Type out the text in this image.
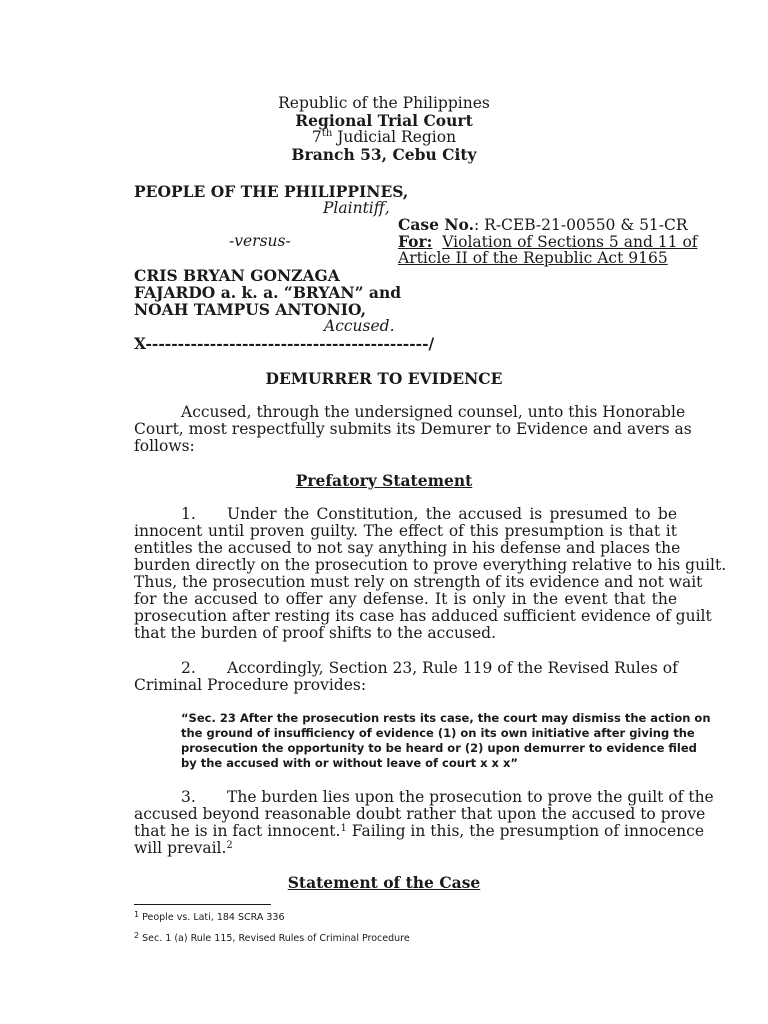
Republic of the Philippines
Regional Trial Court
7th Judicial Region
Branch 53, Cebu City
PEOPLE OF THE PHILIPPINES,
Plaintiff,
-versus-
Case No.: R-CEB-21-00550 & 51-CR
For: Violation of Sections 5 and 11 of
Article II of the Republic Act 9165
CRIS BRYAN GONZAGA
FAJARDO a. k. a. “BRYAN” and
NOAH TAMPUS ANTONIO,
Accused.
X--------------------------------------------/
DEMURRER TO EVIDENCE
Accused, through the undersigned counsel, unto this Honorable
Court, most respectfully submits its Demurer to Evidence and avers as
follows:
Prefatory Statement
1. Under the Constitution, the accused is presumed to be
innocent until proven guilty. The effect of this presumption is that it
entitles the accused to not say anything in his defense and places the
burden directly on the prosecution to prove everything relative to his guilt.
Thus, the prosecution must rely on strength of its evidence and not wait
for the accused to offer any defense. It is only in the event that the
prosecution after resting its case has adduced sufficient evidence of guilt
that the burden of proof shifts to the accused.
2. Accordingly, Section 23, Rule 119 of the Revised Rules of
Criminal Procedure provides:
“Sec. 23 After the prosecution rests its case, the court may dismiss the action on
the ground of insufficiency of evidence (1) on its own initiative after giving the
prosecution the opportunity to be heard or (2) upon demurrer to evidence filed
by the accused with or without leave of court x x x”
3. The burden lies upon the prosecution to prove the guilt of the
accused beyond reasonable doubt rather that upon the accused to prove
that he is in fact innocent.$^1$ Failing in this, the presumption of innocence
will prevail.$^2$
Statement of the Case
$^1$ People vs. Lati, 184 SCRA 336
$^2$ Sec. 1 (a) Rule 115, Revised Rules of Criminal Procedure
